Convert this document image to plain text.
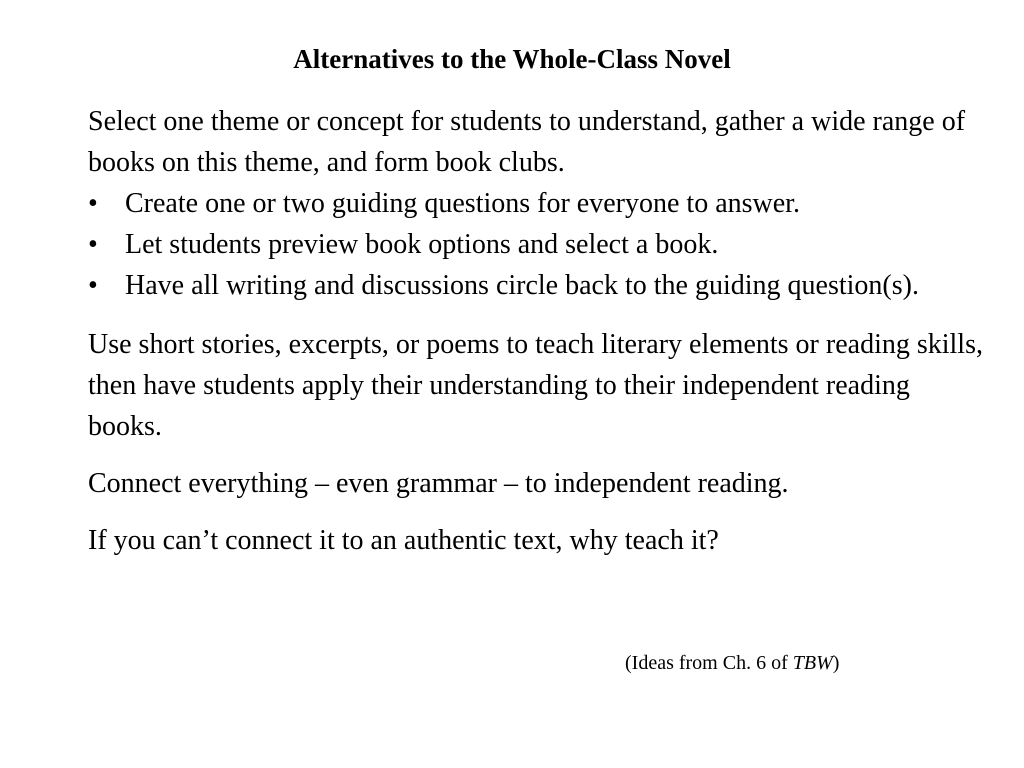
Alternatives to the Whole-Class Novel

Select one theme or concept for students to understand, gather a wide range of books on this theme, and form book clubs.

• Create one or two guiding questions for everyone to answer.
• Let students preview book options and select a book.
• Have all writing and discussions circle back to the guiding question(s).

Use short stories, excerpts, or poems to teach literary elements or reading skills, then have students apply their understanding to their independent reading books.

Connect everything – even grammar – to independent reading.

If you can’t connect it to an authentic text, why teach it?

(Ideas from Ch. 6 of TBW)
